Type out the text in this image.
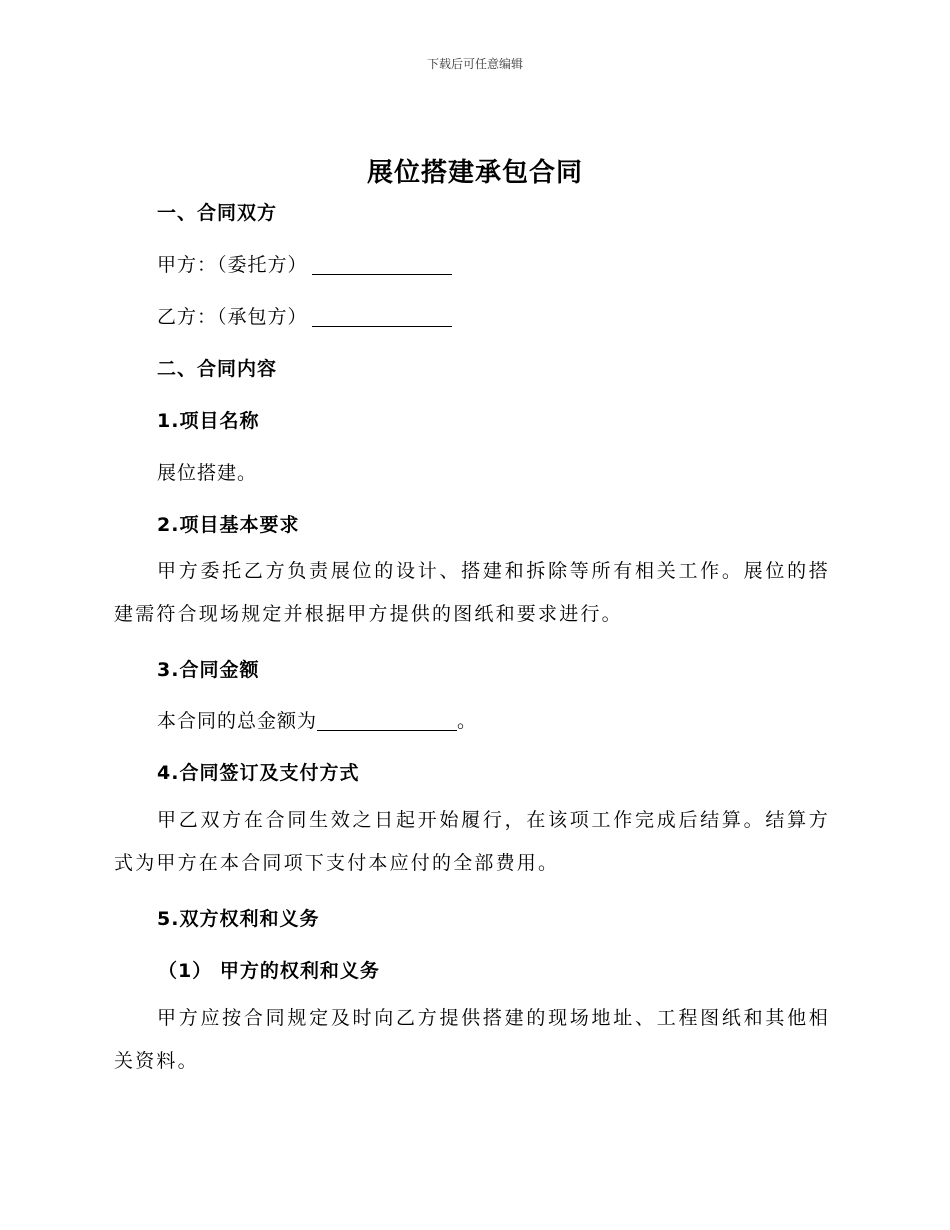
下载后可任意编辑
展位搭建承包合同
一、合同双方
甲方：（委托方）
乙方：（承包方）
二、合同内容
1.项目名称
展位搭建。
2.项目基本要求
甲方委托乙方负责展位的设计、搭建和拆除等所有相关工作。展位的搭建需符合现场规定并根据甲方提供的图纸和要求进行。
3.合同金额
本合同的总金额为	。
4.合同签订及支付方式
甲乙双方在合同生效之日起开始履行，在该项工作完成后结算。结算方式为甲方在本合同项下支付本应付的全部费用。
5.双方权利和义务
（1） 甲方的权利和义务
甲方应按合同规定及时向乙方提供搭建的现场地址、工程图纸和其他相关资料。
